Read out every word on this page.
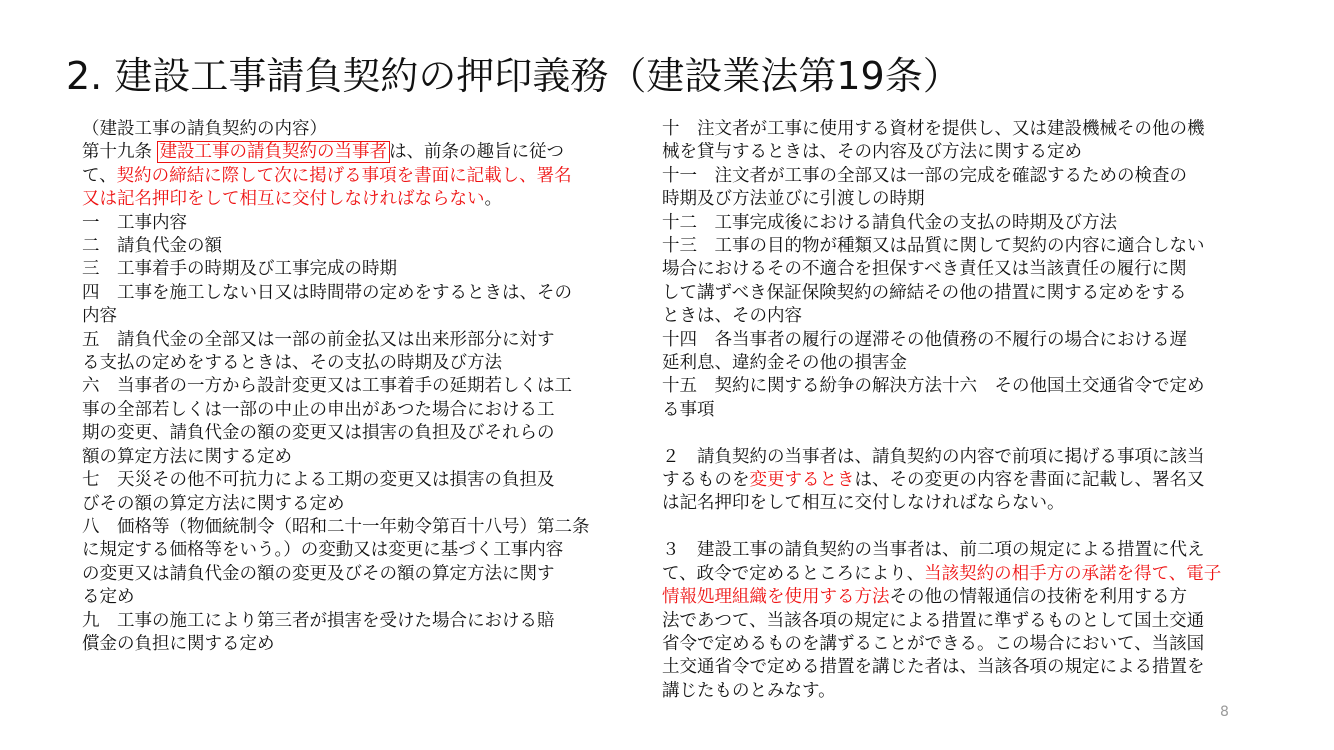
2. 建設工事請負契約の押印義務（建設業法第19条）
（建設工事の請負契約の内容）
第十九条 建設工事の請負契約の当事者 は、前条の趣旨に従つ
て、契約の締結に際して次に掲げる事項を書面に記載し、署名
又は記名押印をして相互に交付しなければならない。
一　工事内容
二　請負代金の額
三　工事着手の時期及び工事完成の時期
四　工事を施工しない日又は時間帯の定めをするときは、その
内容
五　請負代金の全部又は一部の前金払又は出来形部分に対す
る支払の定めをするときは、その支払の時期及び方法
六　当事者の一方から設計変更又は工事着手の延期若しくは工
事の全部若しくは一部の中止の申出があつた場合における工
期の変更、請負代金の額の変更又は損害の負担及びそれらの
額の算定方法に関する定め
七　天災その他不可抗力による工期の変更又は損害の負担及
びその額の算定方法に関する定め
八　価格等（物価統制令（昭和二十一年勅令第百十八号）第二条
に規定する価格等をいう。）の変動又は変更に基づく工事内容
の変更又は請負代金の額の変更及びその額の算定方法に関す
る定め
九　工事の施工により第三者が損害を受けた場合における賠
償金の負担に関する定め
十　注文者が工事に使用する資材を提供し、又は建設機械その他の機
械を貸与するときは、その内容及び方法に関する定め
十一　注文者が工事の全部又は一部の完成を確認するための検査の
時期及び方法並びに引渡しの時期
十二　工事完成後における請負代金の支払の時期及び方法
十三　工事の目的物が種類又は品質に関して契約の内容に適合しない
場合におけるその不適合を担保すべき責任又は当該責任の履行に関
して講ずべき保証保険契約の締結その他の措置に関する定めをする
ときは、その内容
十四　各当事者の履行の遅滞その他債務の不履行の場合における遅
延利息、違約金その他の損害金
十五　契約に関する紛争の解決方法十六　その他国土交通省令で定め
る事項
２　請負契約の当事者は、請負契約の内容で前項に掲げる事項に該当
するものを変更するときは、その変更の内容を書面に記載し、署名又
は記名押印をして相互に交付しなければならない。
３　建設工事の請負契約の当事者は、前二項の規定による措置に代え
て、政令で定めるところにより、当該契約の相手方の承諾を得て、電子
情報処理組織を使用する方法その他の情報通信の技術を利用する方
法であつて、当該各項の規定による措置に準ずるものとして国土交通
省令で定めるものを講ずることができる。この場合において、当該国
土交通省令で定める措置を講じた者は、当該各項の規定による措置を
講じたものとみなす。
8
